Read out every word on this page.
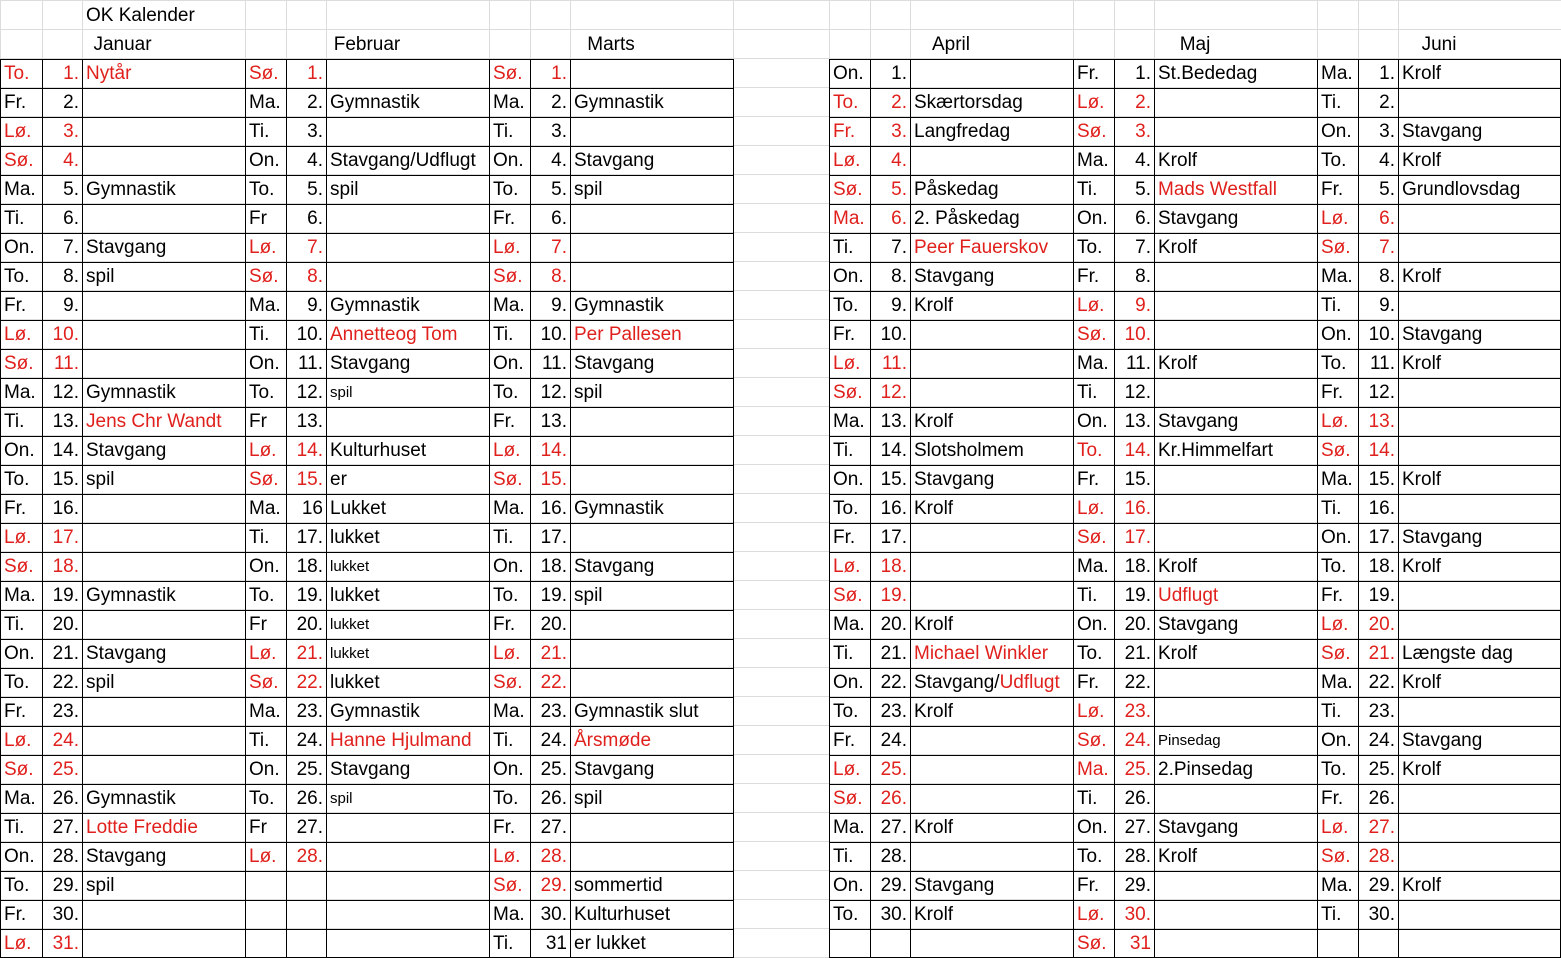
OK Kalender
Januar	Februar	Marts	April	Maj	Juni
To.	1. Nytår
Fr.	2.
Lø.	3.
Sø.	4.
Ma.	5. Gymnastik
Ti.	6.
On.	7. Stavgang
To.	8. spil
Fr.	9.
Lø.	10.
Sø.	11.
Ma. 12. Gymnastik
Ti.	13. Jens Chr Wandt
On. 14. Stavgang
To.	15. spil
Fr.	16.
Lø.	17.
Sø.	18.
Ma. 19. Gymnastik
Ti.	20.
On. 21. Stavgang
To.	22. spil
Fr.	23.
Lø.	24.
Sø.	25.
Ma. 26. Gymnastik
Ti.	27. Lotte Freddie
On. 28. Stavgang
To.	29. spil
Fr.	30.
Lø.	31.
Sø.	1.
Ma.	2. Gymnastik
Ti.	3.
On.	4. Stavgang/Udflugt
To.	5. spil
Fr	6.
Lø.	7.
Sø.	8.
Ma.	9. Gymnastik
Ti.	10. Annetteog Tom
On. 11. Stavgang
To.	12. spil
Fr	13.
Lø.	14. Kulturhuset
Sø. 15. er
Ma.	16 Lukket
Ti.	17. lukket
On. 18. lukket
To.	19. lukket
Fr	20. lukket
Lø.	21. lukket
Sø. 22. lukket
Ma. 23. Gymnastik
Ti.	24. Hanne Hjulmand
On. 25. Stavgang
To.	26. spil
Fr	27.
Lø.	28.
Sø.	1.
Ma.	2. Gymnastik
Ti.	3.
On.	4. Stavgang
To.	5. spil
Fr.	6.
Lø.	7.
Sø.	8.
Ma.	9. Gymnastik
Ti.	10. Per Pallesen
On. 11. Stavgang
To.	12. spil
Fr.	13.
Lø.	14.
Sø. 15.
Ma. 16. Gymnastik
Ti.	17.
On. 18. Stavgang
To.	19. spil
Fr.	20.
Lø.	21.
Sø. 22.
Ma. 23. Gymnastik slut
Ti.	24. Årsmøde
On. 25. Stavgang
To.	26. spil
Fr.	27.
Lø.	28.
Sø. 29. sommertid
Ma. 30. Kulturhuset
Ti.	31 er lukket
On.	1.
To.	2. Skærtorsdag
Fr.	3. Langfredag
Lø.	4.
Sø.	5. Påskedag
Ma.	6. 2. Påskedag
Ti.	7. Peer Fauerskov
On.	8. Stavgang
To.	9. Krolf
Fr.	10.
Lø.	11.
Sø. 12.
Ma. 13. Krolf
Ti.	14. Slotsholmem
On. 15. Stavgang
To.	16. Krolf
Fr.	17.
Lø.	18.
Sø. 19.
Ma. 20. Krolf
Ti.	21. Michael Winkler
On. 22. Stavgang/Udflugt
To.	23. Krolf
Fr.	24.
Lø.	25.
Sø. 26.
Ma. 27. Krolf
Ti.	28.
On. 29. Stavgang
To.	30. Krolf
Fr.	1. St.Bededag
Lø.	2.
Sø.	3.
Ma.	4. Krolf
Ti.	5. Mads Westfall
On.	6. Stavgang
To.	7. Krolf
Fr.	8.
Lø.	9.
Sø. 10.
Ma. 11. Krolf
Ti.	12.
On. 13. Stavgang
To.	14. Kr.Himmelfart
Fr.	15.
Lø.	16.
Sø. 17.
Ma. 18. Krolf
Ti.	19. Udflugt
On. 20. Stavgang
To.	21. Krolf
Fr.	22.
Lø.	23.
Sø. 24. Pinsedag
Ma. 25. 2.Pinsedag
Ti.	26.
On. 27. Stavgang
To.	28. Krolf
Fr.	29.
Lø.	30.
Sø.	31
Ma.	1. Krolf
Ti.	2.
On.	3. Stavgang
To.	4. Krolf
Fr.	5. Grundlovsdag
Lø.	6.
Sø.	7.
Ma.	8. Krolf
Ti.	9.
On. 10. Stavgang
To.	11. Krolf
Fr.	12.
Lø.	13.
Sø. 14.
Ma. 15. Krolf
Ti.	16.
On. 17. Stavgang
To.	18. Krolf
Fr.	19.
Lø.	20.
Sø. 21. Længste dag
Ma. 22. Krolf
Ti.	23.
On. 24. Stavgang
To.	25. Krolf
Fr.	26.
Lø.	27.
Sø. 28.
Ma. 29. Krolf
Ti.	30.
